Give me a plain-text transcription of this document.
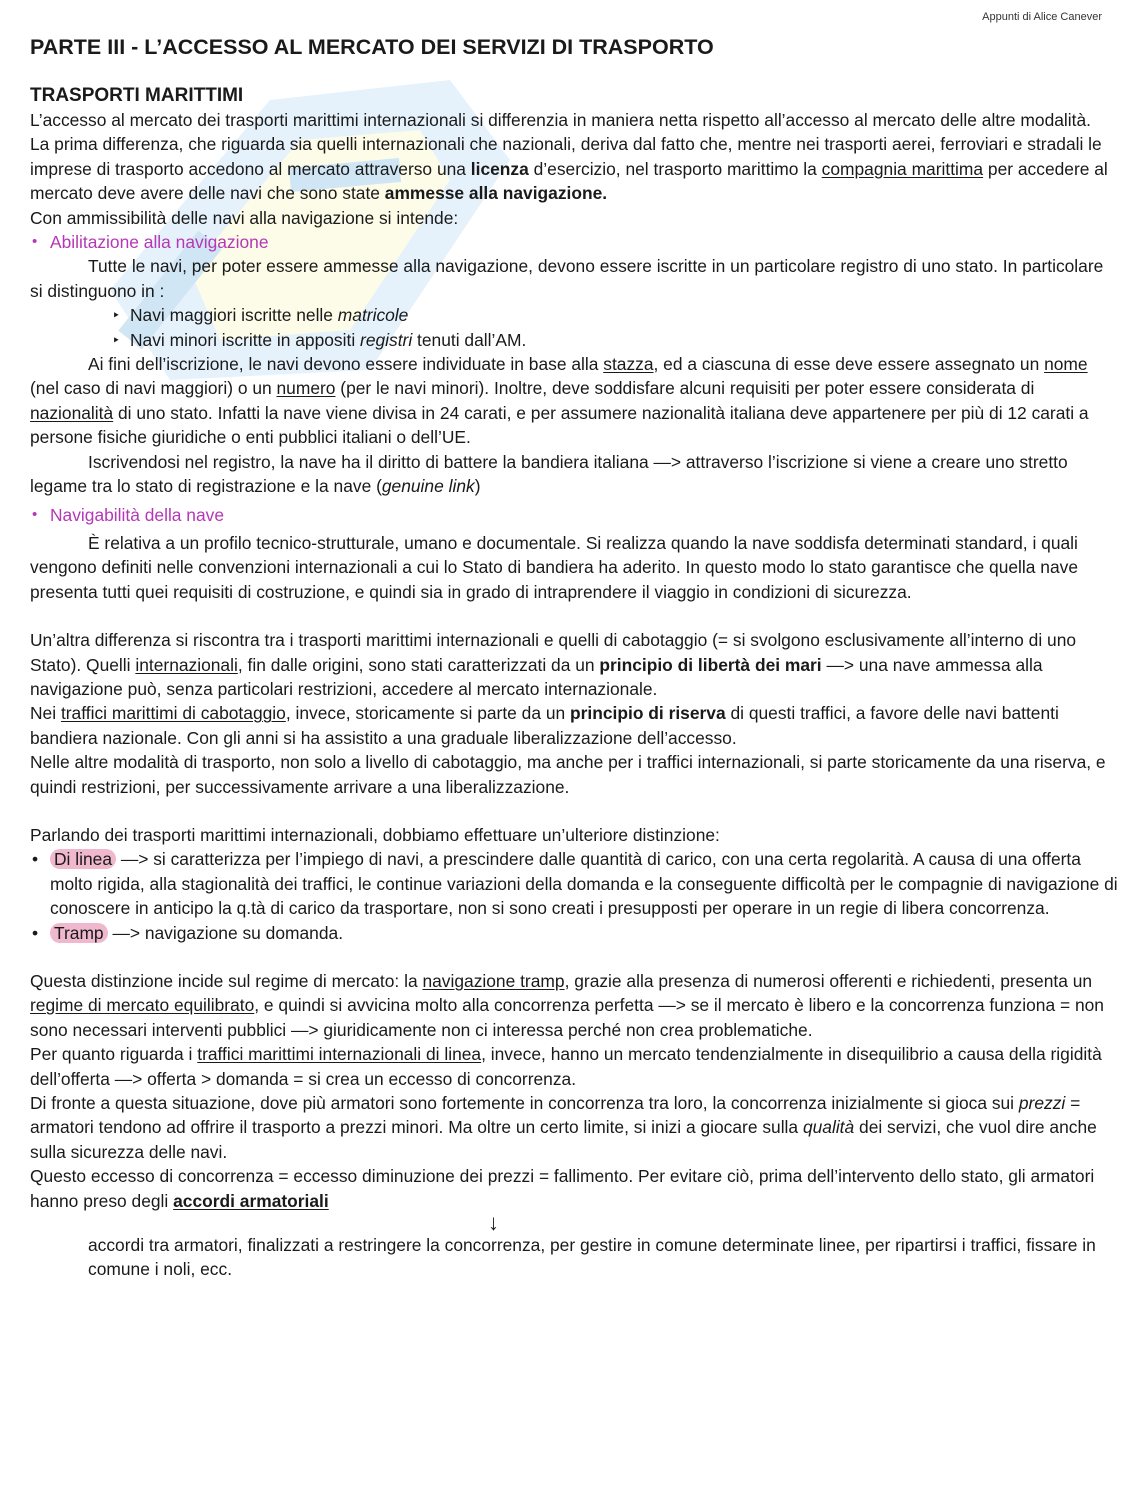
Appunti di Alice Canever
PARTE III - L’ACCESSO AL MERCATO DEI SERVIZI DI TRASPORTO
TRASPORTI MARITTIMI

L’accesso al mercato dei trasporti marittimi internazionali si differenzia in maniera netta rispetto all’accesso al mercato delle altre modalità.

La prima differenza, che riguarda sia quelli internazionali che nazionali, deriva dal fatto che, mentre nei trasporti aerei, ferroviari e stradali le imprese di trasporto accedono al mercato attraverso una licenza d’esercizio, nel trasporto marittimo la compagnia marittima per accedere al mercato deve avere delle navi che sono state ammesse alla navigazione.

Con ammissibilità delle navi alla navigazione si intende:

• Abilitazione alla navigazione

Tutte le navi, per poter essere ammesse alla navigazione, devono essere iscritte in un particolare registro di uno stato. In particolare si distinguono in :

‣ Navi maggiori iscritte nelle matricole

‣ Navi minori iscritte in appositi registri tenuti dall’AM.

Ai fini dell’iscrizione, le navi devono essere individuate in base alla stazza, ed a ciascuna di esse deve essere assegnato un nome (nel caso di navi maggiori) o un numero (per le navi minori). Inoltre, deve soddisfare alcuni requisiti per poter essere considerata di nazionalità di uno stato. Infatti la nave viene divisa in 24 carati, e per assumere nazionalità italiana deve appartenere per più di 12 carati a persone fisiche giuridiche o enti pubblici italiani o dell’UE.

Iscrivendosi nel registro, la nave ha il diritto di battere la bandiera italiana —> attraverso l’iscrizione si viene a creare uno stretto legame tra lo stato di registrazione e la nave (genuine link)

• Navigabilità della nave

È relativa a un profilo tecnico-strutturale, umano e documentale. Si realizza quando la nave soddisfa determinati standard, i quali vengono definiti nelle convenzioni internazionali a cui lo Stato di bandiera ha aderito. In questo modo lo stato garantisce che quella nave presenta tutti quei requisiti di costruzione, e quindi sia in grado di intraprendere il viaggio in condizioni di sicurezza.

Un’altra differenza si riscontra tra i trasporti marittimi internazionali e quelli di cabotaggio (= si svolgono esclusivamente all’interno di uno Stato). Quelli internazionali, fin dalle origini, sono stati caratterizzati da un principio di libertà dei mari —> una nave ammessa alla navigazione può, senza particolari restrizioni, accedere al mercato internazionale.

Nei traffici marittimi di cabotaggio, invece, storicamente si parte da un principio di riserva di questi traffici, a favore delle navi battenti bandiera nazionale. Con gli anni si ha assistito a una graduale liberalizzazione dell’accesso.

Nelle altre modalità di trasporto, non solo a livello di cabotaggio, ma anche per i traffici internazionali, si parte storicamente da una riserva, e quindi restrizioni, per successivamente arrivare a una liberalizzazione.

Parlando dei trasporti marittimi internazionali, dobbiamo effettuare un’ulteriore distinzione:

• Di linea —> si caratterizza per l’impiego di navi, a prescindere dalle quantità di carico, con una certa regolarità. A causa di una offerta molto rigida, alla stagionalità dei traffici, le continue variazioni della domanda e la conseguente difficoltà per le compagnie di navigazione di conoscere in anticipo la q.tà di carico da trasportare, non si sono creati i presupposti per operare in un regie di libera concorrenza.

• Tramp —> navigazione su domanda.

Questa distinzione incide sul regime di mercato: la navigazione tramp, grazie alla presenza di numerosi offerenti e richiedenti, presenta un regime di mercato equilibrato, e quindi si avvicina molto alla concorrenza perfetta —> se il mercato è libero e la concorrenza funziona = non sono necessari interventi pubblici —> giuridicamente non ci interessa perché non crea problematiche.

Per quanto riguarda i traffici marittimi internazionali di linea, invece, hanno un mercato tendenzialmente in disequilibrio a causa della rigidità dell’offerta —> offerta > domanda = si crea un eccesso di concorrenza.

Di fronte a questa situazione, dove più armatori sono fortemente in concorrenza tra loro, la concorrenza inizialmente si gioca sui prezzi = armatori tendono ad offrire il trasporto a prezzi minori. Ma oltre un certo limite, si inizi a giocare sulla qualità dei servizi, che vuol dire anche sulla sicurezza delle navi.

Questo eccesso di concorrenza = eccesso diminuzione dei prezzi = fallimento. Per evitare ciò, prima dell’intervento dello stato, gli armatori hanno preso degli accordi armatoriali

↓

accordi tra armatori, finalizzati a restringere la concorrenza, per gestire in comune determinate linee, per ripartirsi i traffici, fissare in comune i noli, ecc.
